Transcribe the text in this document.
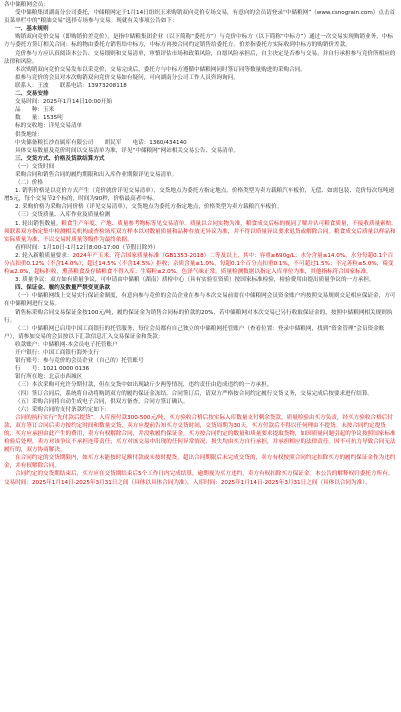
各中储粮网会员：

受中储粮集团湖南分公司委托，中储粮网定于1月14日组织玉米购销双向竞价专场交易，有意向的会员请登录“中储粮网”（www.csnograin.com）点击首页菜单栏中的“粮油交易”选择专场参与交易。现就有关事项公告如下：

一、基本规则

购销双向竞价交易（即购销价差竞价），是指中储粮集团企业（以下简称“委托方”）与竞价中标方（以下简称“中标方”）通过一次交易实现购销业务，中标方与委托方签订相关合同：标的物由委托方销售给中标方，中标方再按合同约定销售给委托方。价差指委托方实际收到中标方的购销价差款。

竞价参与方应认真阅读本公告、交易细则和交易清单，审慎评估市场和政策风险，自愿风险承担后，自主决定是否参与交易，并自行承担参与竞价所相应的法律和风险。

本次购销双向竞价交易发布以采竞价，交易完成后，委托方与中标方遵循中储粮网同时签订同等数量购进的采购合同。

拟参与竞价的会员对本次购销双向竞价交易如有疑问，可向湖南分公司工作人员咨询询问。

联系人：王波　　联系电话：13973208118

二、交易安排

交易时间：2025年1月14日10:00开始

品　　种：玉米

数　　量：1535吨

标的交收地：详见交易清单

供货地址：

中央储备粮长沙直属库有限公司　　胡民军　　电话：1360/434140

具体交易数量及竞价时间以交易清单为准，详见“中储粮网”网站相关交易公告、交易清单。

三、交货方式、价格及货款结算方式

（一）交货时间

采购合同和销售合同的履约期限和出入库作业期限详见交易清单。

（二）价格

1. 销售价格是以竞价方式产生（竞价就价详见交易清单），交货地点为委托方指定地点，价格类型为卖方载粮汽车板价，无偿、如需包装、竞价每次每吨递增5元，每个交易节2个标的，时间为90秒，价格最高者中标。

2. 采购价格为采购合同价格（详见交易清单），交货地点为委托方指定地点，价格类型为卖方载粮汽车板价。

（三）交货质量、入库作业及质量检测

1. 轮出销售数量。粮食生产年度、产地、质量参考物标等见交易清单。质量以合同实物为准，粮食成交后标的视同了解并认可粮食质量，不接收质量索赔。须联系双方指定集中检测相关机构或查检场库双方样本以对数量质量和品种存放无异议为准，并不得以质量异议要求退货或解除合同。粮食成交后质量以样品和实际质量为准，不以交易时质量等级作为最终依据。

看样时间：1月10日-1月12日8:00-17:00（节假日除外）

2. 轮入新粮质量要求：2024年产玉米，符合国家质量标准（GB1353-2018）二等及以上，其中：容重≥690g/L；水分含量≤14.0%，水分每超0.1个百分点扣重0.12%（不含14.0%），超过14.5%（不含14.5%）拒收；杂质含量≤1.0%，每超0.1个百分点扣重0.1%，不可超过1.5%；不完善粒≤5.0%，霉变粒≤2.0%，超标拒收，熏蒸粮食及存储粮食不得入库；生霉粒≤2.0%，色泽气味正常。质量检测数据以指定入库单位为准，其他指标符合国家标准。

3. 质量争议：双方如有质量争议，可申请由中储粮（湖南）质检中心（具有实验室资质）按国家标准检验，检验费用由提出质量争议的一方承担。

四、保证金、履约及数量严禁变更条款

（一）中储粮网线上交易实行保证金制度，有意向参与竞价的会员企业在参与本次交易前需在中储粮网会员资金账户内按照交易规则交足相应保证金，方可在中储粮网进行交易。

销售标采购合同交易保证金按100元/吨，履约保证金为销售合同标的价款的20%，若中储粮网对本次交易已另行收取保证金的，按照中储粮网相关规则执行。

（二）中储粮网已启用中国工商银行的托管服务，每位会员都有自己独立的中储粮网托管账户（查看位置：登录中储粮网，找到“资金管理”会员资金账户），请参加交易的会员按以下汇款信息汇入交易保证金和货款：

收款账户：中储粮网-本会员电子托管账户

开户银行：中国工商银行海外支行

银行账号：参与竞价的会员企业（自己的）托管账号

行　　号：1021 0000 0136

银行所在地：北京市西城区

（三）本次采购可允许分期付款，但在交货中如出现缺斤少两等情况，违约责任由造成违约的一方承担。

（四）签订合同后，系统将自动将购销双方的履约保证金冻结。合同签订后，请双方严格按合同约定履行交货义务，交易完成后按要求进行结算。

（五）采购合同将自动生成电子合同，供双方备查，合同方签订确认。

（六）采购合同的支付条款约定如下：

合同的执行实行“先付款后提货”。入库预付款300-500元/吨，买方验收合格后按实际入库数量支付剩余货款，质量检验由买方负责，经买方验收合格后付款，双方签订合同后卖方按约定时间和数量交货，卖方应提前告知买方交货时间，交货周期为30天，买方付款后不得以任何理由不提货。未按合同约定提货的，买方应承担由此产生的费用，卖方有权解除合同，并没收履约保证金。买方按合同约定的数量和质量要求提取货物，如因质量问题引起的争议按照国家标准检验后处理，卖方对该争议不承担连带责任；买方对该交易中出现的任何异常情况、损失均由买方自行承担，并承担相应的法律责任。因不可抗力导致合同无法履行的，双方协商解决。

在合同约定的交货期限内，如买方未能按时足额付款或未按时提货，超出合同期限后未完成交货的，卖方有权按照合同约定扣除买方的履约保证金作为违约金，并有权解除合同。

合同约定的交货期结束后，买方应在交货期结束后5个工作日内完成结算，逾期视为买方违约，卖方有权扣除买方保证金。本公告的解释权归委托方所有。交易时间：2025年1月14日-2025年3月31日之间（具体以具体合同为准）。入库时间：2025年1月14日-2025年3月31日之间（具体以合同为准）。
